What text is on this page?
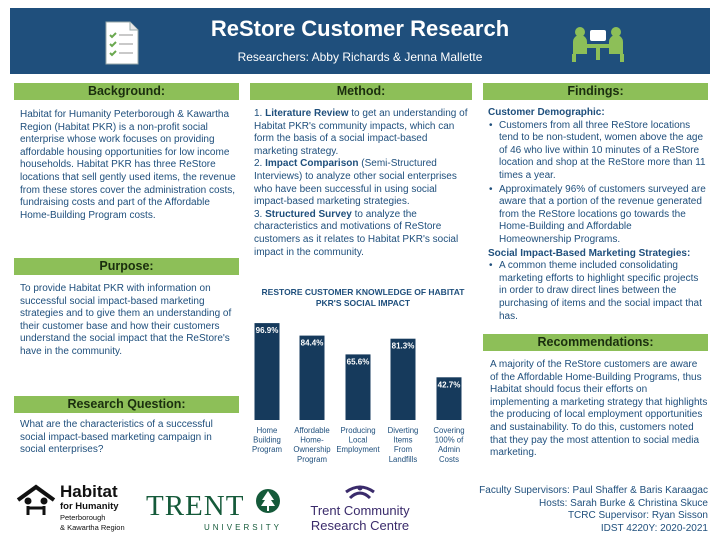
ReStore Customer Research
Researchers: Abby Richards & Jenna Mallette
Background:
Habitat for Humanity Peterborough & Kawartha Region (Habitat PKR) is a non-profit social enterprise whose work focuses on providing affordable housing opportunities for low income households. Habitat PKR has three ReStore locations that sell gently used items, the revenue from these stores cover the administration costs, fundraising costs and part of the Affordable Home-Building Program costs.
Purpose:
To provide Habitat PKR with information on successful social impact-based marketing strategies and to give them an understanding of their customer base and how their customers understand the social impact that the ReStore's have in the community.
Research Question:
What are the characteristics of a successful social impact-based marketing campaign in social enterprises?
Method:
1. Literature Review to get an understanding of Habitat PKR's community impacts, which can form the basis of a social impact-based marketing strategy.
2. Impact Comparison (Semi-Structured Interviews) to analyze other social enterprises who have been successful in using social impact-based marketing strategies.
3. Structured Survey to analyze the characteristics and motivations of ReStore customers as it relates to Habitat PKR's social impact in the community.
RESTORE CUSTOMER KNOWLEDGE OF HABITAT PKR'S SOCIAL IMPACT
96.9%
Home Building Program
84.4%
Affordable Home-Ownership Program
65.6%
Producing Local Employment
81.3%
Diverting Items From Landfills
42.7%
Covering 100% of Admin Costs
Findings:
Customer Demographic:
• Customers from all three ReStore locations tend to be non-student, women above the age of 46 who live within 10 minutes of a ReStore location and shop at the ReStore more than 11 times a year.
• Approximately 96% of customers surveyed are aware that a portion of the revenue generated from the ReStore locations go towards the Home-Building and Affordable Homeownership Programs.
Social Impact-Based Marketing Strategies:
• A common theme included consolidating marketing efforts to highlight specific projects in order to draw direct lines between the purchasing of items and the social impact that has.
Recommendations:
A majority of the ReStore customers are aware of the Affordable Home-Building Programs, thus Habitat should focus their efforts on implementing a marketing strategy that highlights the producing of local employment opportunities and sustainability. To do this, customers noted that they pay the most attention to social media marketing.
Habitat
for Humanity
Peterborough
& Kawartha Region
TRENT
UNIVERSITY
Trent Community
Research Centre
Faculty Supervisors: Paul Shaffer & Baris Karaagac
Hosts: Sarah Burke & Christina Skuce
TCRC Supervisor: Ryan Sisson
IDST 4220Y: 2020-2021
